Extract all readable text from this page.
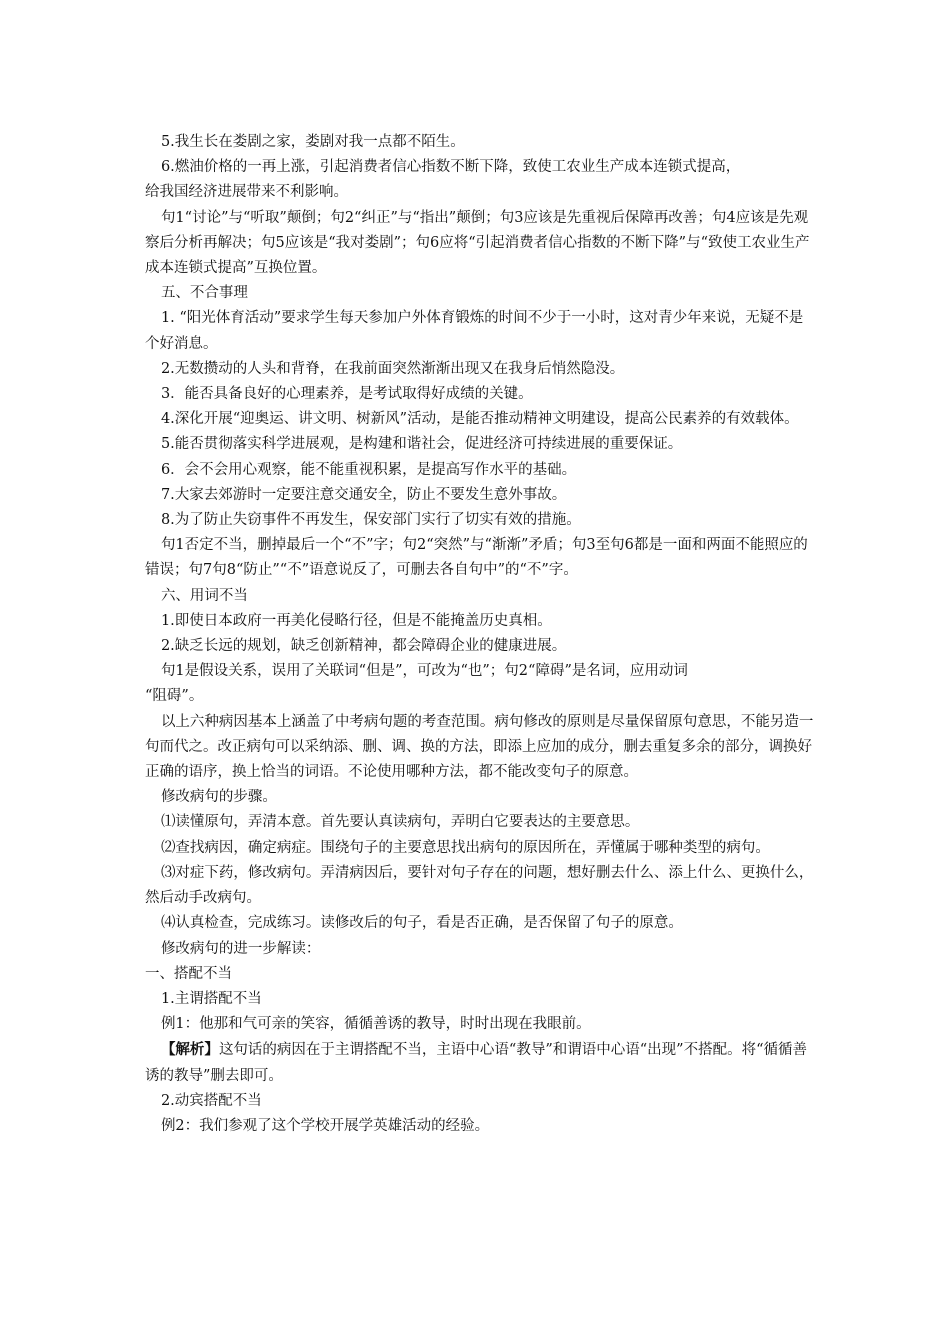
5.我生长在娄剧之家，娄剧对我一点都不陌生。

6.燃油价格的一再上涨，引起消费者信心指数不断下降，致使工农业生产成本连锁式提高，

给我国经济进展带来不利影响。

句1“讨论”与“听取”颠倒；句2“纠正”与“指出”颠倒；句3应该是先重视后保障再改善；句4应该是先观察后分析再解决；句5应该是“我对娄剧”；句6应将“引起消费者信心指数的不断下降”与“致使工农业生产成本连锁式提高”互换位置。

五、不合事理

1. “阳光体育活动”要求学生每天参加户外体育锻炼的时间不少于一小时，这对青少年来说，无疑不是个好消息。

2.无数攒动的人头和背脊，在我前面突然渐渐出现又在我身后悄然隐没。

3．能否具备良好的心理素养，是考试取得好成绩的关键。

4.深化开展“迎奥运、讲文明、树新风”活动，是能否推动精神文明建设，提高公民素养的有效载体。

5.能否贯彻落实科学进展观，是构建和谐社会，促进经济可持续进展的重要保证。

6．会不会用心观察，能不能重视积累，是提高写作水平的基础。

7.大家去郊游时一定要注意交通安全，防止不要发生意外事故。

8.为了防止失窃事件不再发生，保安部门实行了切实有效的措施。

句1否定不当，删掉最后一个“不”字；句2“突然”与“渐渐”矛盾；句3至句6都是一面和两面不能照应的错误；句7句8“防止”“不”语意说反了，可删去各自句中”的“不”字。

六、用词不当

1.即使日本政府一再美化侵略行径，但是不能掩盖历史真相。

2.缺乏长远的规划，缺乏创新精神，都会障碍企业的健康进展。

句1是假设关系，误用了关联词“但是”，可改为“也”；句2“障碍”是名词，应用动词

“阻碍”。

以上六种病因基本上涵盖了中考病句题的考查范围。病句修改的原则是尽量保留原句意思，不能另造一句而代之。改正病句可以采纳添、删、调、换的方法，即添上应加的成分，删去重复多余的部分，调换好正确的语序，换上恰当的词语。不论使用哪种方法，都不能改变句子的原意。

修改病句的步骤。

⑴读懂原句，弄清本意。首先要认真读病句，弄明白它要表达的主要意思。

⑵查找病因，确定病症。围绕句子的主要意思找出病句的原因所在，弄懂属于哪种类型的病句。

⑶对症下药，修改病句。弄清病因后，要针对句子存在的问题，想好删去什么、添上什么、更换什么，然后动手改病句。

⑷认真检查，完成练习。读修改后的句子，看是否正确，是否保留了句子的原意。

修改病句的进一步解读：

一、搭配不当

1.主谓搭配不当

例1：他那和气可亲的笑容，循循善诱的教导，时时出现在我眼前。

【解析】这句话的病因在于主谓搭配不当，主语中心语“教导”和谓语中心语“出现”不搭配。将“循循善诱的教导”删去即可。

2.动宾搭配不当

例2：我们参观了这个学校开展学英雄活动的经验。
